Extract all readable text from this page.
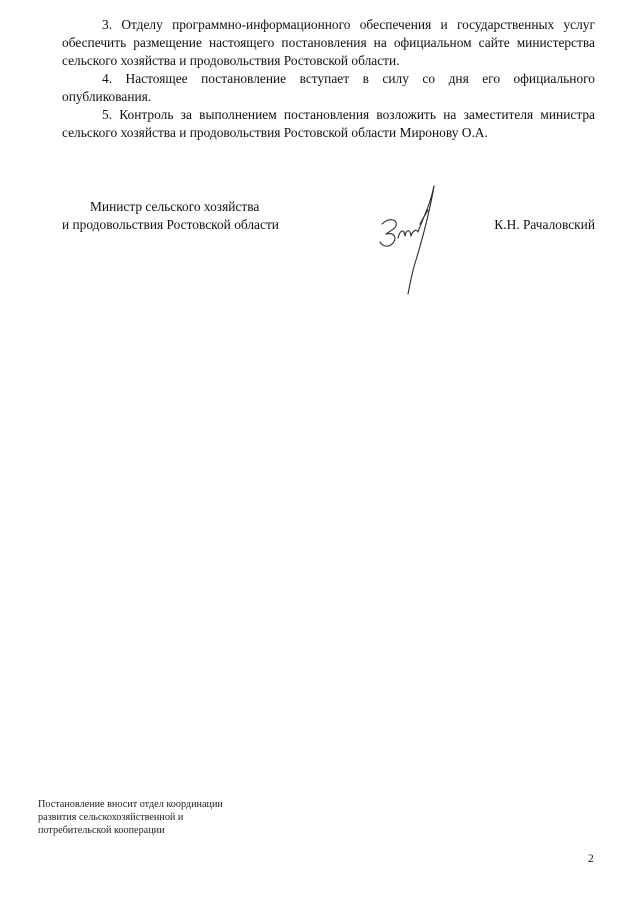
3. Отделу программно-информационного обеспечения и государственных услуг обеспечить размещение настоящего постановления на официальном сайте министерства сельского хозяйства и продовольствия Ростовской области.

4. Настоящее постановление вступает в силу со дня его официального опубликования.

5. Контроль за выполнением постановления возложить на заместителя министра сельского хозяйства и продовольствия Ростовской области Миронову О.А.

Министр сельского хозяйства
и продовольствия Ростовской области	К.Н. Рачаловский
Постановление вносит отдел координации
развития сельскохозяйственной и
потребительской кооперации
2
